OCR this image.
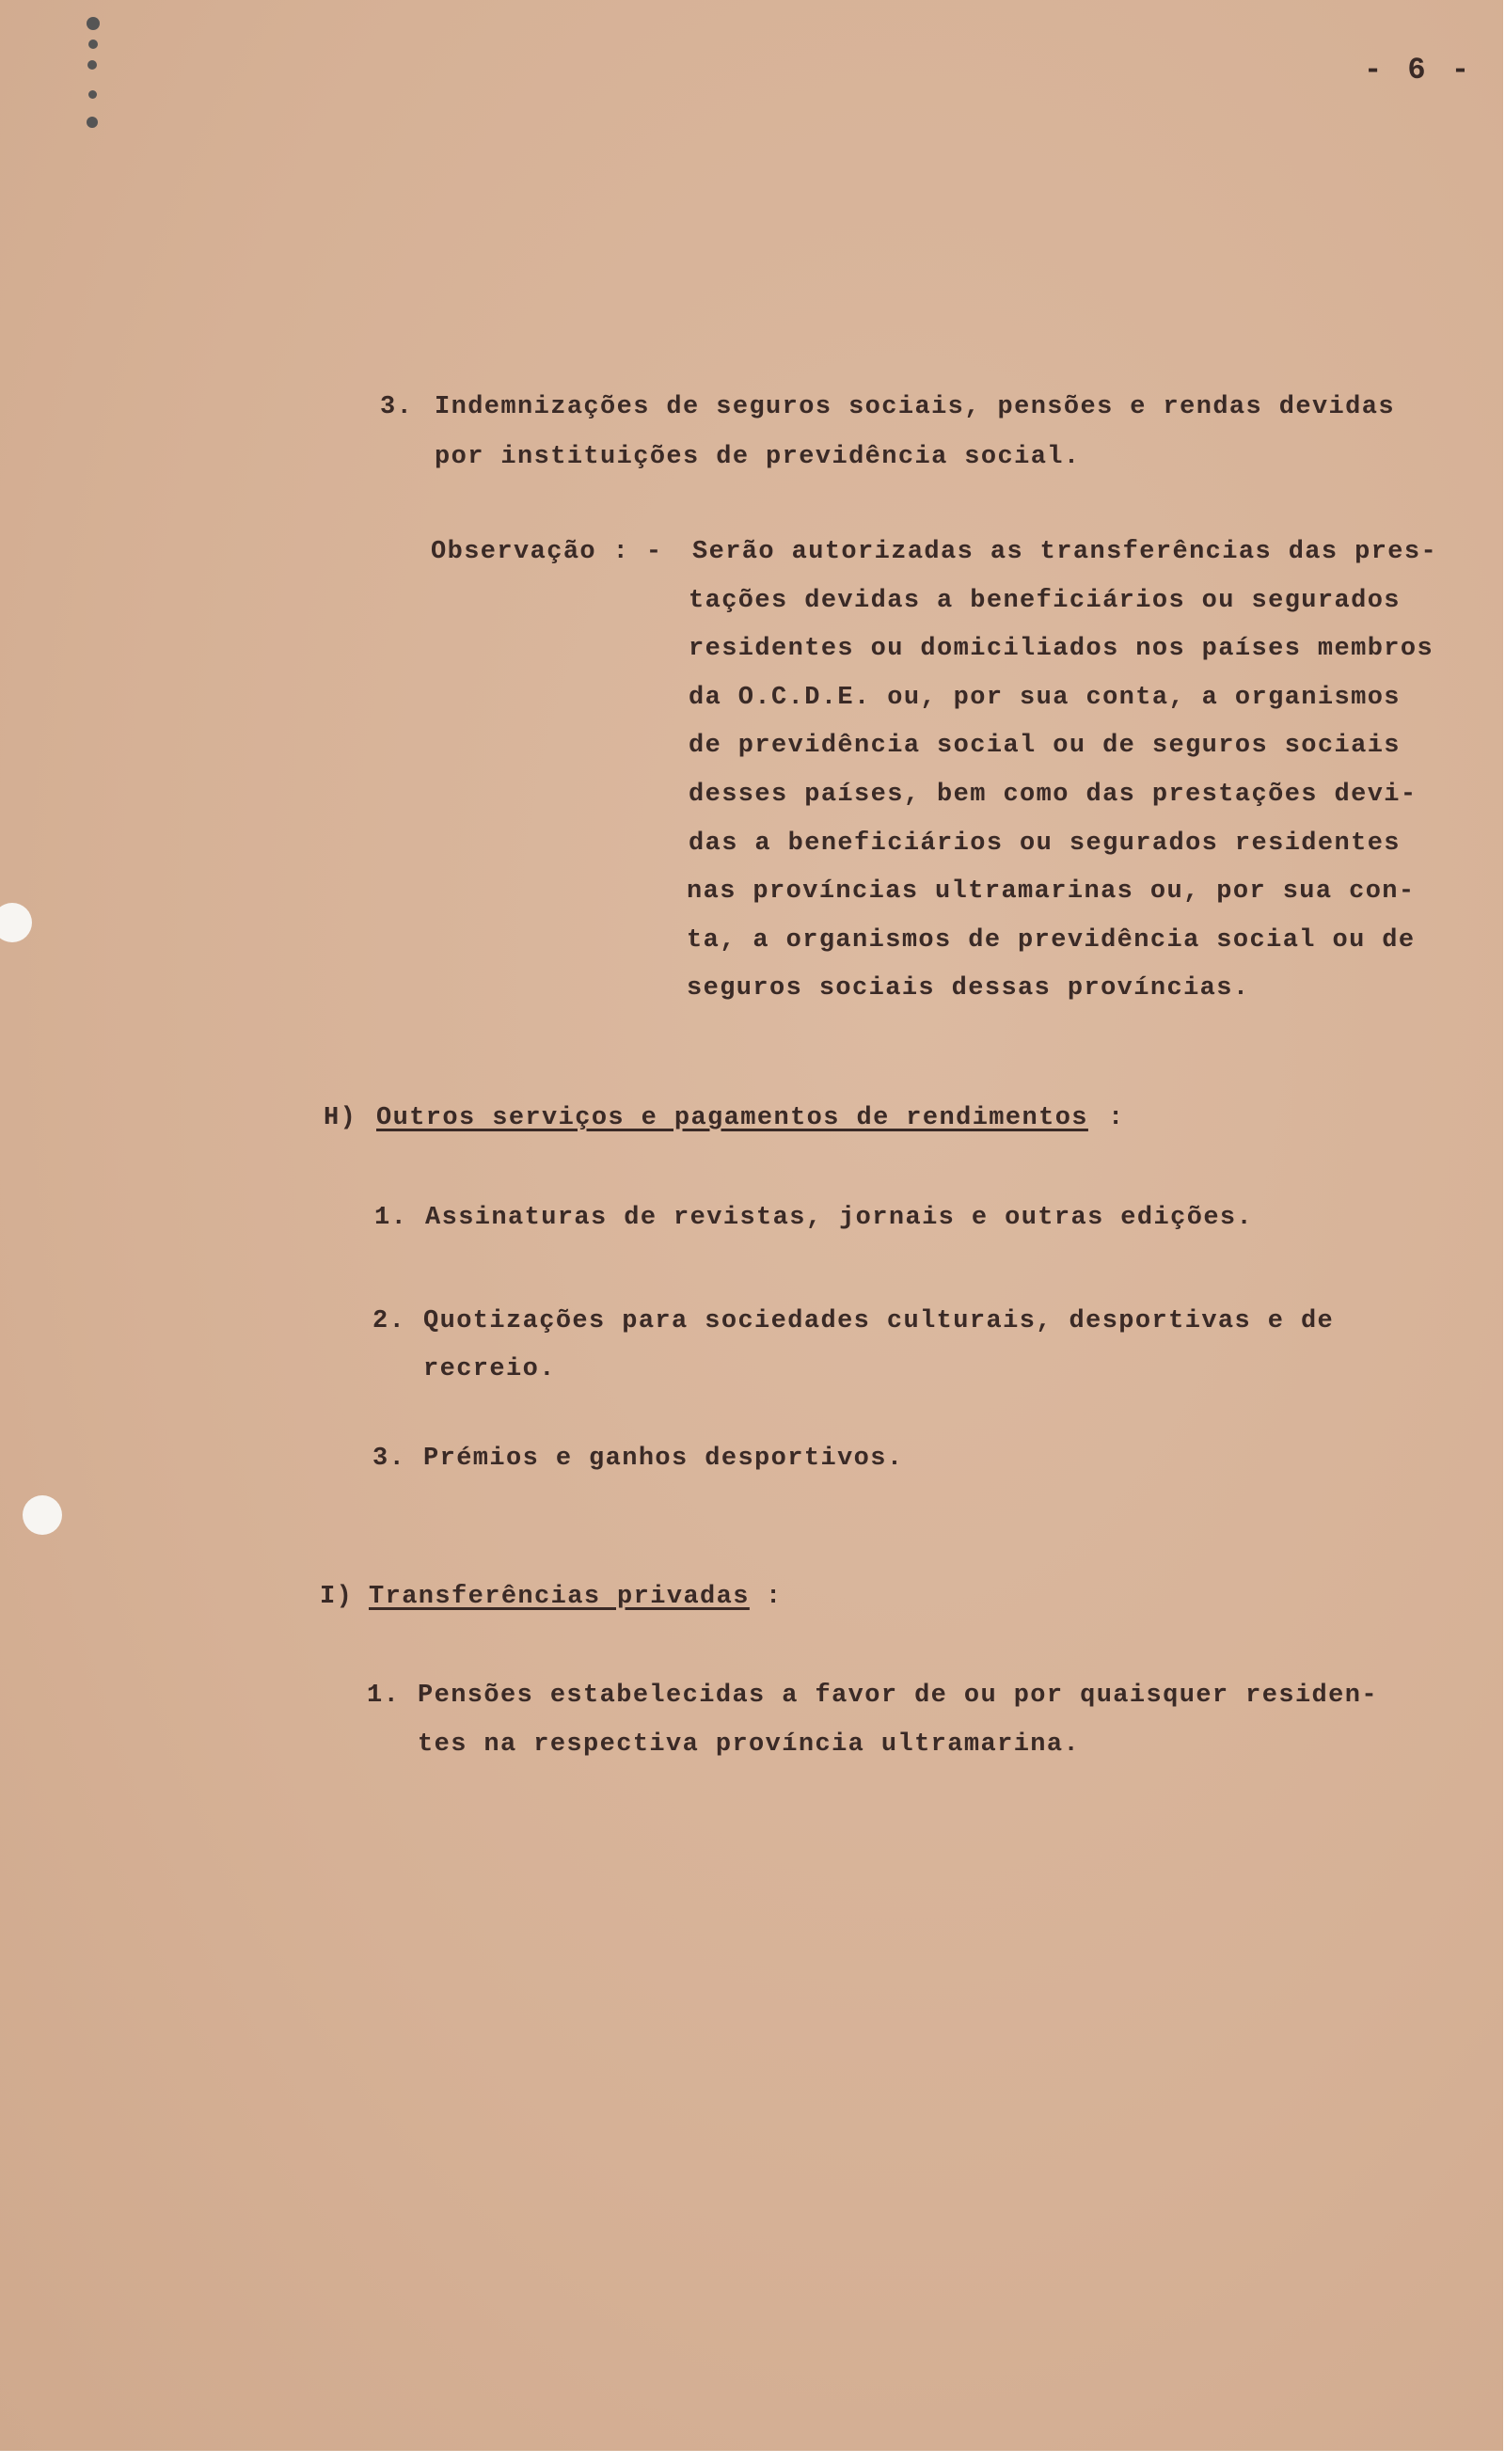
- 6 -
3. Indemnizações de seguros sociais, pensões e rendas devidas
por instituições de previdência social.
Observação : - Serão autorizadas as transferências das pres-
tações devidas a beneficiários ou segurados
residentes ou domiciliados nos países membros
da O.C.D.E. ou, por sua conta, a organismos
de previdência social ou de seguros sociais
desses países, bem como das prestações devi-
das a beneficiários ou segurados residentes
nas províncias ultramarinas ou, por sua con-
ta, a organismos de previdência social ou de
seguros sociais dessas províncias.
H) Outros serviços e pagamentos de rendimentos :
1. Assinaturas de revistas, jornais e outras edições.
2. Quotizações para sociedades culturais, desportivas e de
recreio.
3. Prémios e ganhos desportivos.
I) Transferências privadas :
1. Pensões estabelecidas a favor de ou por quaisquer residen-
tes na respectiva província ultramarina.
